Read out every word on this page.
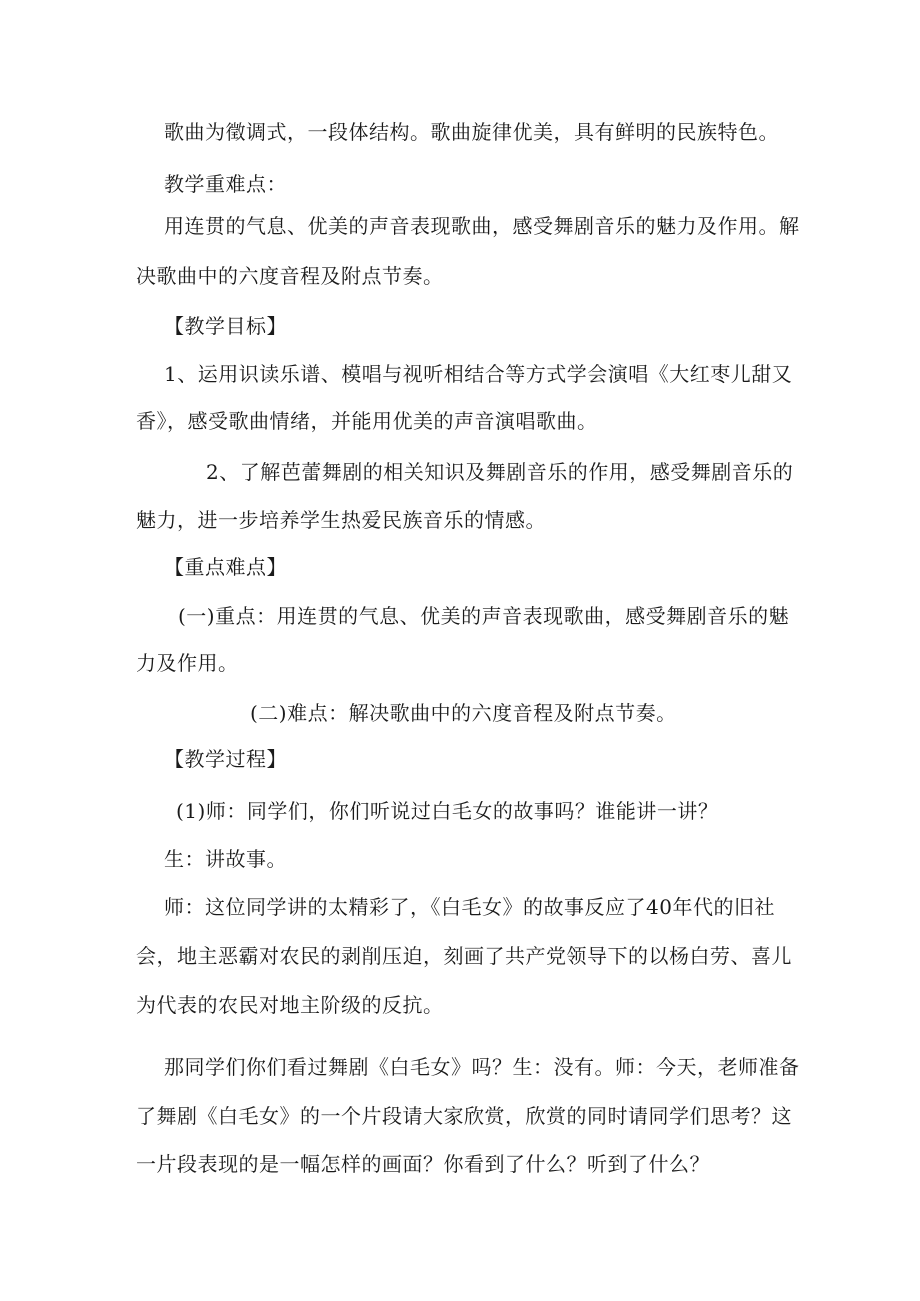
歌曲为徵调式，一段体结构。歌曲旋律优美，具有鲜明的民族特色。
教学重难点：
用连贯的气息、优美的声音表现歌曲，感受舞剧音乐的魅力及作用。解
决歌曲中的六度音程及附点节奏。
【教学目标】
1、运用识读乐谱、模唱与视听相结合等方式学会演唱《大红枣儿甜又
香》，感受歌曲情绪，并能用优美的声音演唱歌曲。
2、了解芭蕾舞剧的相关知识及舞剧音乐的作用，感受舞剧音乐的
魅力，进一步培养学生热爱民族音乐的情感。
【重点难点】
(一)重点：用连贯的气息、优美的声音表现歌曲，感受舞剧音乐的魅
力及作用。
(二)难点：解决歌曲中的六度音程及附点节奏。
【教学过程】
(1)师：同学们，你们听说过白毛女的故事吗？谁能讲一讲？
生：讲故事。
师：这位同学讲的太精彩了，《白毛女》的故事反应了40年代的旧社
会，地主恶霸对农民的剥削压迫，刻画了共产党领导下的以杨白劳、喜儿
为代表的农民对地主阶级的反抗。
那同学们你们看过舞剧《白毛女》吗？生：没有。师：今天，老师准备
了舞剧《白毛女》的一个片段请大家欣赏，欣赏的同时请同学们思考？这
一片段表现的是一幅怎样的画面？你看到了什么？听到了什么？
